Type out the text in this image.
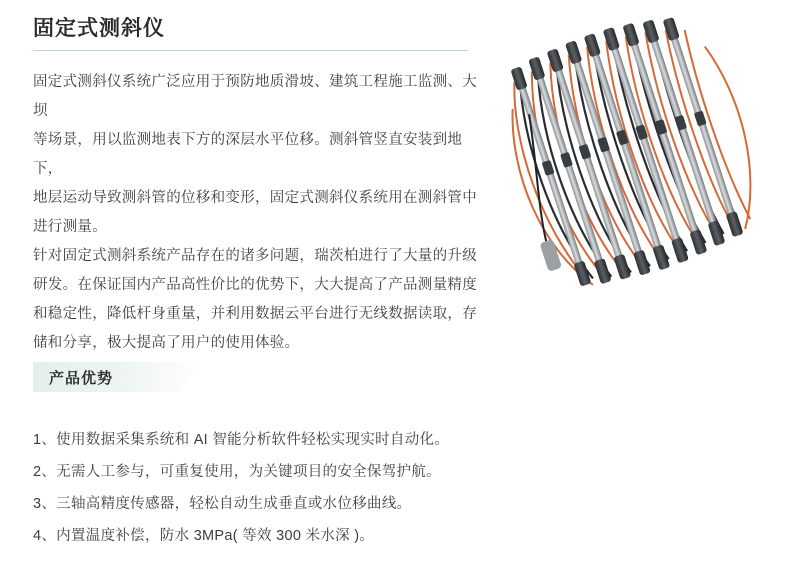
固定式测斜仪

固定式测斜仪系统广泛应用于预防地质滑坡、建筑工程施工监测、大坝

等场景，用以监测地表下方的深层水平位移。测斜管竖直安装到地下，

地层运动导致测斜管的位移和变形，固定式测斜仪系统用在测斜管中

进行测量。

针对固定式测斜系统产品存在的诸多问题，瑞茨柏进行了大量的升级

研发。在保证国内产品高性价比的优势下，大大提高了产品测量精度

和稳定性，降低杆身重量，并利用数据云平台进行无线数据读取，存

储和分享，极大提高了用户的使用体验。

产品优势
1、使用数据采集系统和 AI 智能分析软件轻松实现实时自动化。
2、无需人工参与，可重复使用，为关键项目的安全保驾护航。
3、三轴高精度传感器，轻松自动生成垂直或水位移曲线。
4、内置温度补偿，防水 3MPa( 等效 300 米水深 )。
